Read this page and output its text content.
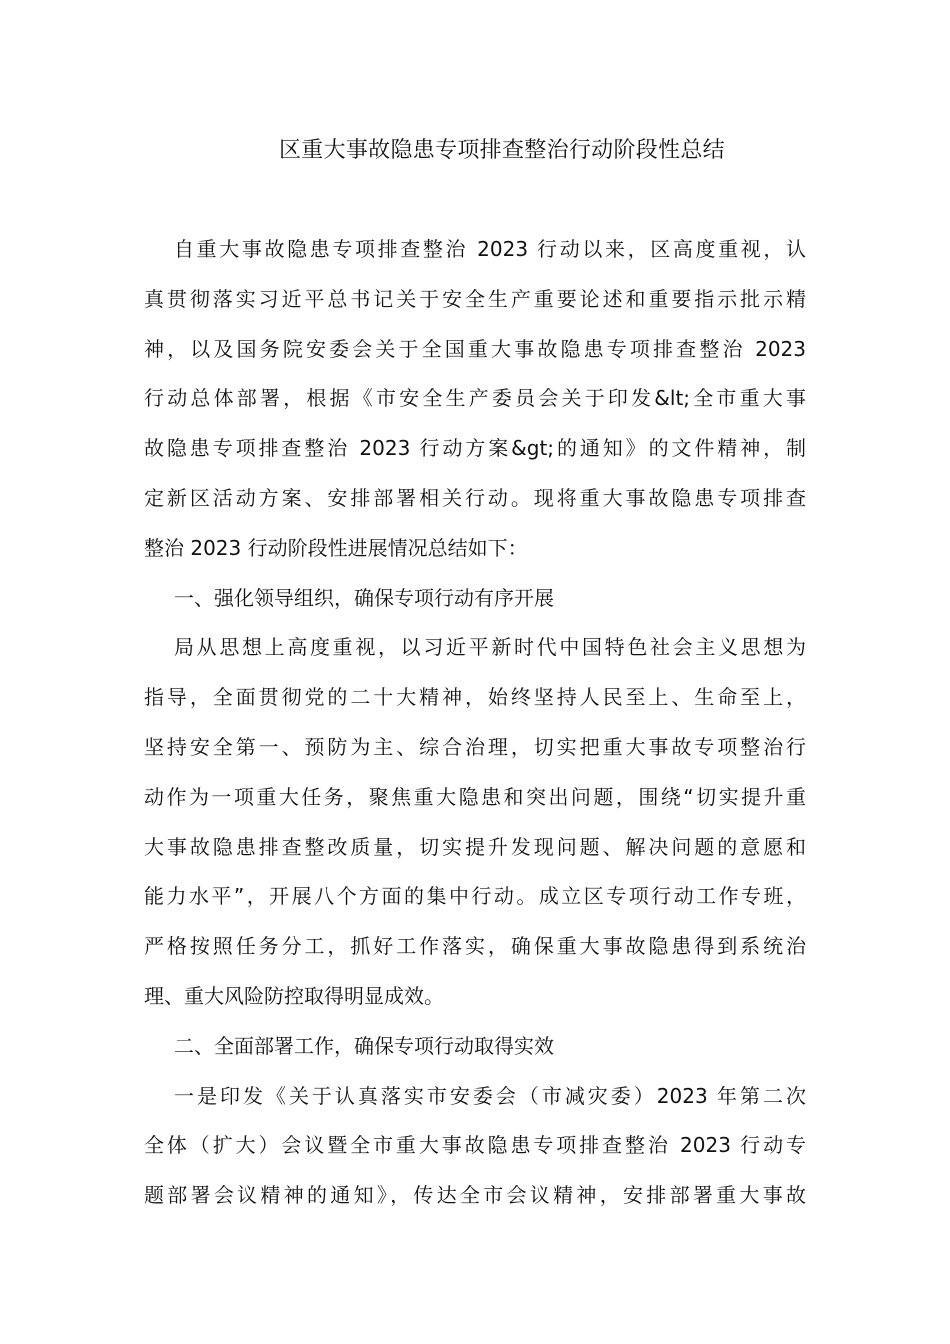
区重大事故隐患专项排查整治行动阶段性总结
自重大事故隐患专项排查整治 2023 行动以来，区高度重视，认
真贯彻落实习近平总书记关于安全生产重要论述和重要指示批示精
神，以及国务院安委会关于全国重大事故隐患专项排查整治 2023
行动总体部署，根据《市安全生产委员会关于印发&lt;全市重大事
故隐患专项排查整治 2023 行动方案&gt;的通知》的文件精神，制
定新区活动方案、安排部署相关行动。现将重大事故隐患专项排查
整治 2023 行动阶段性进展情况总结如下：
一、强化领导组织，确保专项行动有序开展
局从思想上高度重视，以习近平新时代中国特色社会主义思想为
指导，全面贯彻党的二十大精神，始终坚持人民至上、生命至上，
坚持安全第一、预防为主、综合治理，切实把重大事故专项整治行
动作为一项重大任务，聚焦重大隐患和突出问题，围绕“切实提升重
大事故隐患排查整改质量，切实提升发现问题、解决问题的意愿和
能力水平”，开展八个方面的集中行动。成立区专项行动工作专班，
严格按照任务分工，抓好工作落实，确保重大事故隐患得到系统治
理、重大风险防控取得明显成效。
二、全面部署工作，确保专项行动取得实效
一是印发《关于认真落实市安委会（市减灾委）2023 年第二次
全体（扩大）会议暨全市重大事故隐患专项排查整治 2023 行动专
题部署会议精神的通知》，传达全市会议精神，安排部署重大事故
